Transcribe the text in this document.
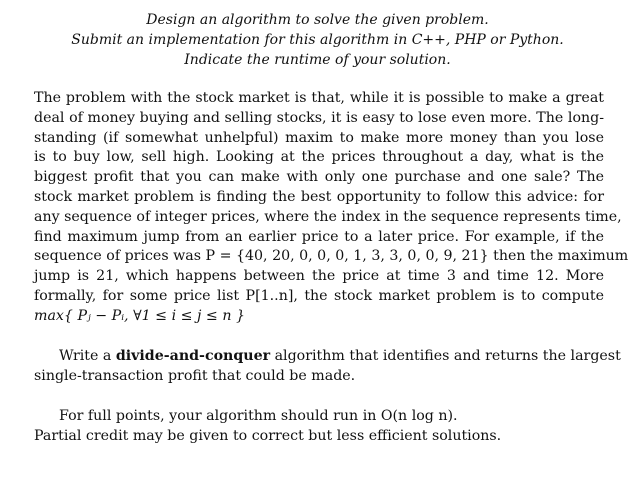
Design an algorithm to solve the given problem.
Submit an implementation for this algorithm in C++, PHP or Python.
Indicate the runtime of your solution.
The problem with the stock market is that, while it is possible to make a great
deal of money buying and selling stocks, it is easy to lose even more. The long-
standing (if somewhat unhelpful) maxim to make more money than you lose
is to buy low, sell high. Looking at the prices throughout a day, what is the
biggest profit that you can make with only one purchase and one sale? The
stock market problem is finding the best opportunity to follow this advice: for
any sequence of integer prices, where the index in the sequence represents time,
find maximum jump from an earlier price to a later price. For example, if the
sequence of prices was P = {40, 20, 0, 0, 0, 1, 3, 3, 0, 0, 9, 21} then the maximum
jump is 21, which happens between the price at time 3 and time 12. More
formally, for some price list P[1..n], the stock market problem is to compute
max{ Pⱼ − Pᵢ, ∀1 ≤ i ≤ j ≤ n }
Write a divide-and-conquer algorithm that identifies and returns the largest
single-transaction profit that could be made.
For full points, your algorithm should run in O(n log n).
Partial credit may be given to correct but less efficient solutions.
